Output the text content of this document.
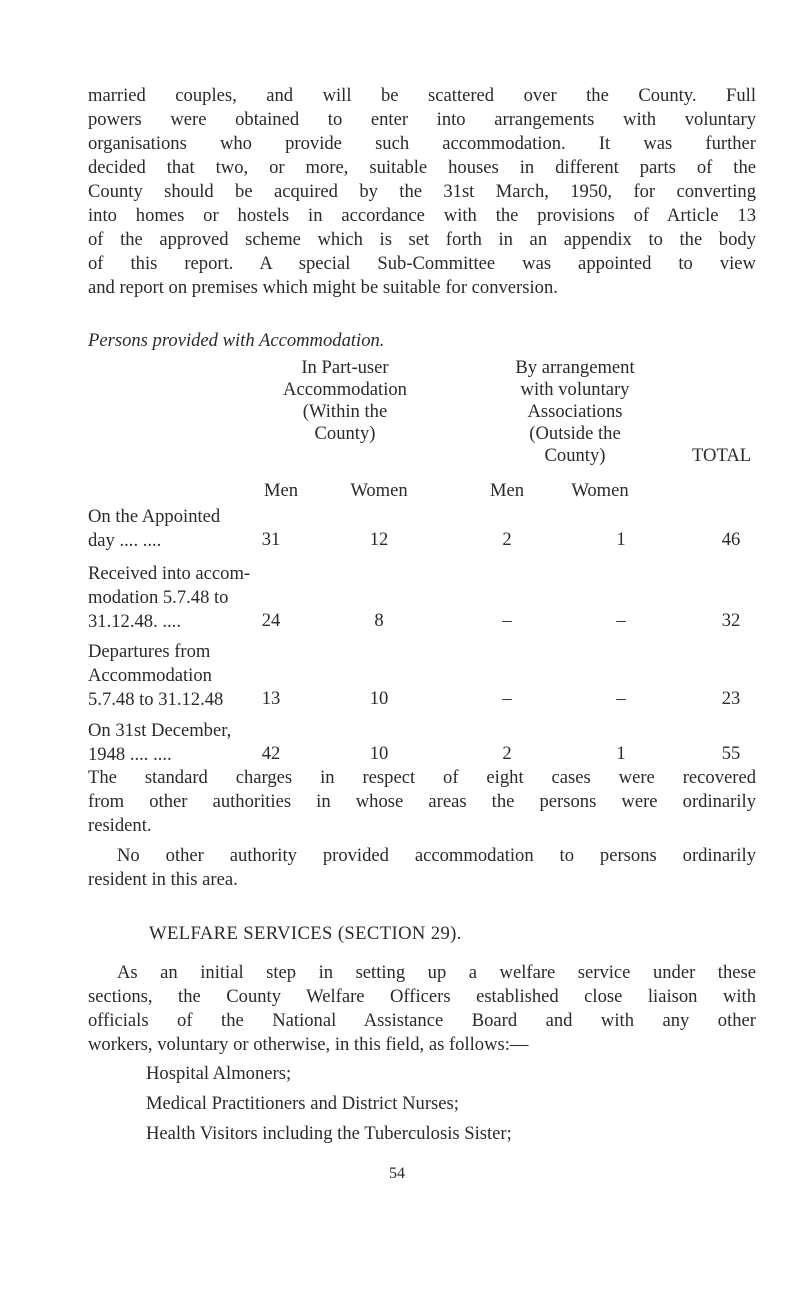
married couples, and will be scattered over the County. Full
powers were obtained to enter into arrangements with voluntary
organisations who provide such accommodation. It was further
decided that two, or more, suitable houses in different parts of the
County should be acquired by the 31st March, 1950, for converting
into homes or hostels in accordance with the provisions of Article 13
of the approved scheme which is set forth in an appendix to the body
of this report. A special Sub-Committee was appointed to view
and report on premises which might be suitable for conversion.
Persons provided with Accommodation.
In Part-user
Accommodation
(Within the
County)
By arrangement
with voluntary
Associations
(Outside the
County)	TOTAL
Men	Women	Men	Women
On the Appointed
day .... ....	31	12	2	1	46
Received into accom-
modation 5.7.48 to
31.12.48. ....	24	8	–	–	32
Departures from
Accommodation
5.7.48 to 31.12.48	13	10	–	–	23
On 31st December,
1948 .... ....	42	10	2	1	55
The standard charges in respect of eight cases were recovered
from other authorities in whose areas the persons were ordinarily
resident.
No other authority provided accommodation to persons ordinarily
resident in this area.
WELFARE SERVICES (SECTION 29).
As an initial step in setting up a welfare service under these
sections, the County Welfare Officers established close liaison with
officials of the National Assistance Board and with any other
workers, voluntary or otherwise, in this field, as follows:—
Hospital Almoners;
Medical Practitioners and District Nurses;
Health Visitors including the Tuberculosis Sister;
54
